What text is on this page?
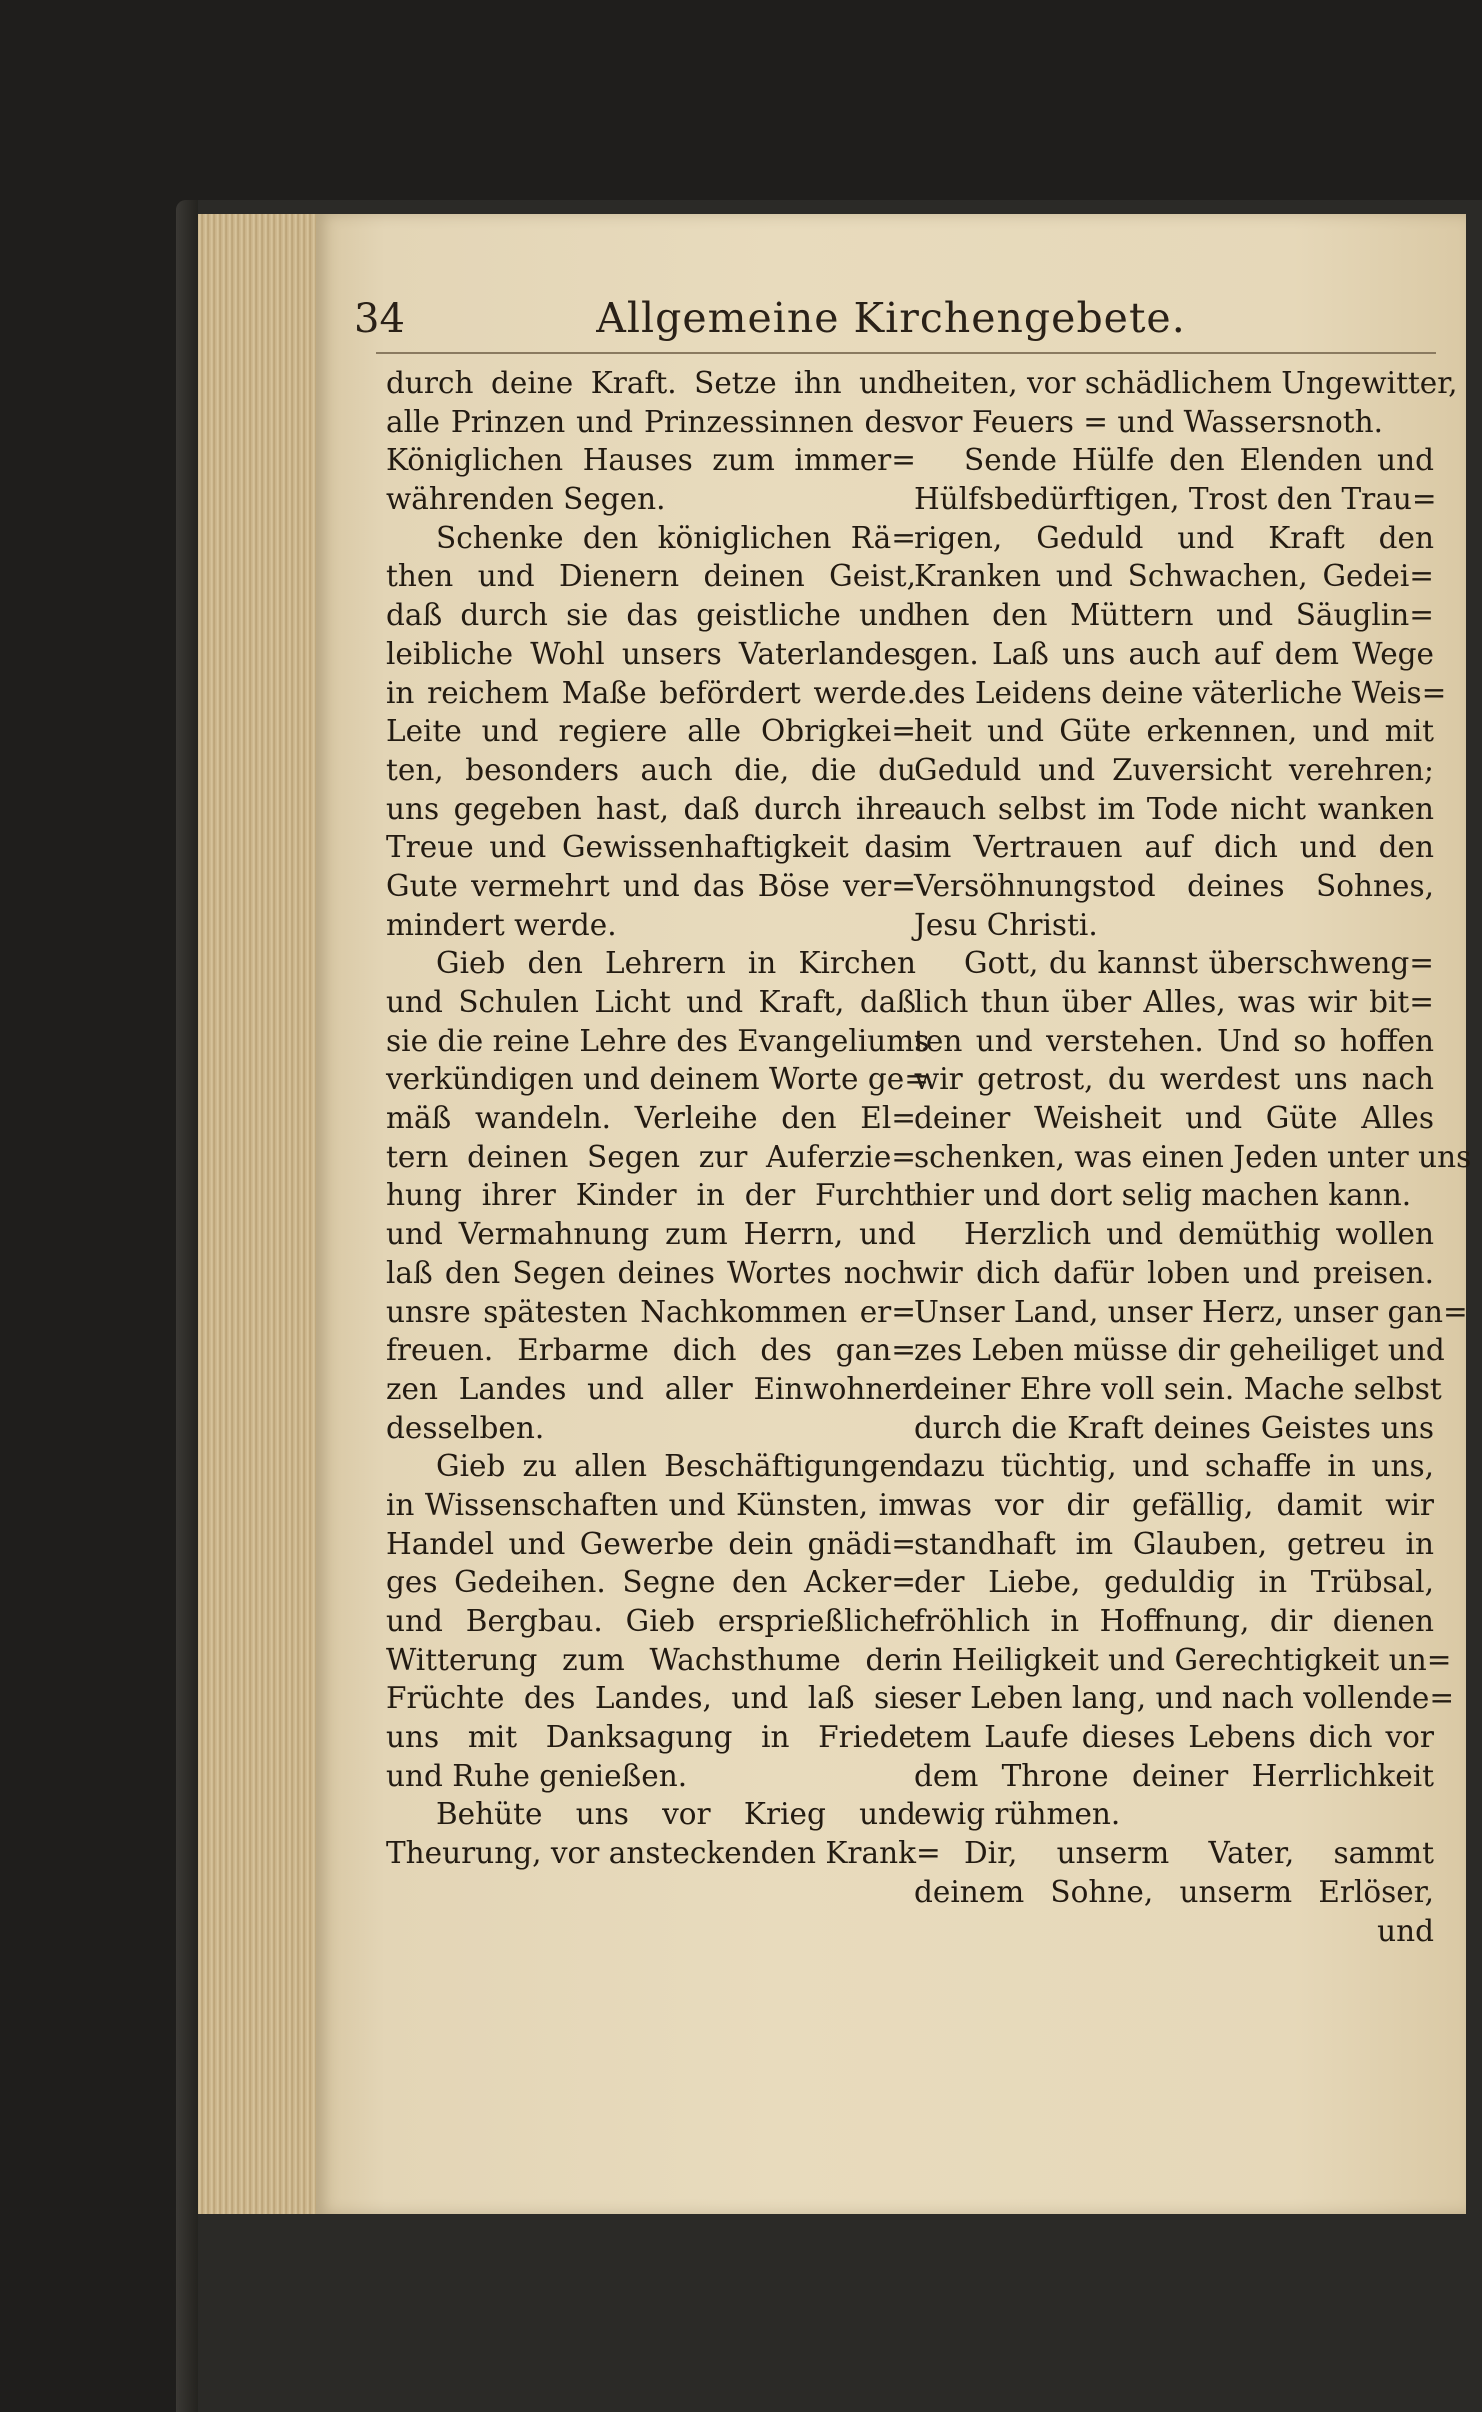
34	Allgemeine Kirchengebete.
durch deine Kraft. Setze ihn und
alle Prinzen und Prinzessinnen des
Königlichen Hauses zum immer=
währenden Segen.
Schenke den königlichen Rä=
then und Dienern deinen Geist,
daß durch sie das geistliche und
leibliche Wohl unsers Vaterlandes
in reichem Maße befördert werde.
Leite und regiere alle Obrigkei=
ten, besonders auch die, die du
uns gegeben hast, daß durch ihre
Treue und Gewissenhaftigkeit das
Gute vermehrt und das Böse ver=
mindert werde.
Gieb den Lehrern in Kirchen
und Schulen Licht und Kraft, daß
sie die reine Lehre des Evangeliums
verkündigen und deinem Worte ge=
mäß wandeln. Verleihe den El=
tern deinen Segen zur Auferzie=
hung ihrer Kinder in der Furcht
und Vermahnung zum Herrn, und
laß den Segen deines Wortes noch
unsre spätesten Nachkommen er=
freuen. Erbarme dich des gan=
zen Landes und aller Einwohner
desselben.
Gieb zu allen Beschäftigungen
in Wissenschaften und Künsten, im
Handel und Gewerbe dein gnädi=
ges Gedeihen. Segne den Acker=
und Bergbau. Gieb ersprießliche
Witterung zum Wachsthume der
Früchte des Landes, und laß sie
uns mit Danksagung in Friede
und Ruhe genießen.
Behüte uns vor Krieg und
Theurung, vor ansteckenden Krank=
heiten, vor schädlichem Ungewitter,
vor Feuers = und Wassersnoth.
Sende Hülfe den Elenden und
Hülfsbedürftigen, Trost den Trau=
rigen, Geduld und Kraft den
Kranken und Schwachen, Gedei=
hen den Müttern und Säuglin=
gen. Laß uns auch auf dem Wege
des Leidens deine väterliche Weis=
heit und Güte erkennen, und mit
Geduld und Zuversicht verehren;
auch selbst im Tode nicht wanken
im Vertrauen auf dich und den
Versöhnungstod deines Sohnes,
Jesu Christi.
Gott, du kannst überschweng=
lich thun über Alles, was wir bit=
ten und verstehen. Und so hoffen
wir getrost, du werdest uns nach
deiner Weisheit und Güte Alles
schenken, was einen Jeden unter uns
hier und dort selig machen kann.
Herzlich und demüthig wollen
wir dich dafür loben und preisen.
Unser Land, unser Herz, unser gan=
zes Leben müsse dir geheiliget und
deiner Ehre voll sein. Mache selbst
durch die Kraft deines Geistes uns
dazu tüchtig, und schaffe in uns,
was vor dir gefällig, damit wir
standhaft im Glauben, getreu in
der Liebe, geduldig in Trübsal,
fröhlich in Hoffnung, dir dienen
in Heiligkeit und Gerechtigkeit un=
ser Leben lang, und nach vollende=
tem Laufe dieses Lebens dich vor
dem Throne deiner Herrlichkeit
ewig rühmen.
Dir, unserm Vater, sammt
deinem Sohne, unserm Erlöser,
und
